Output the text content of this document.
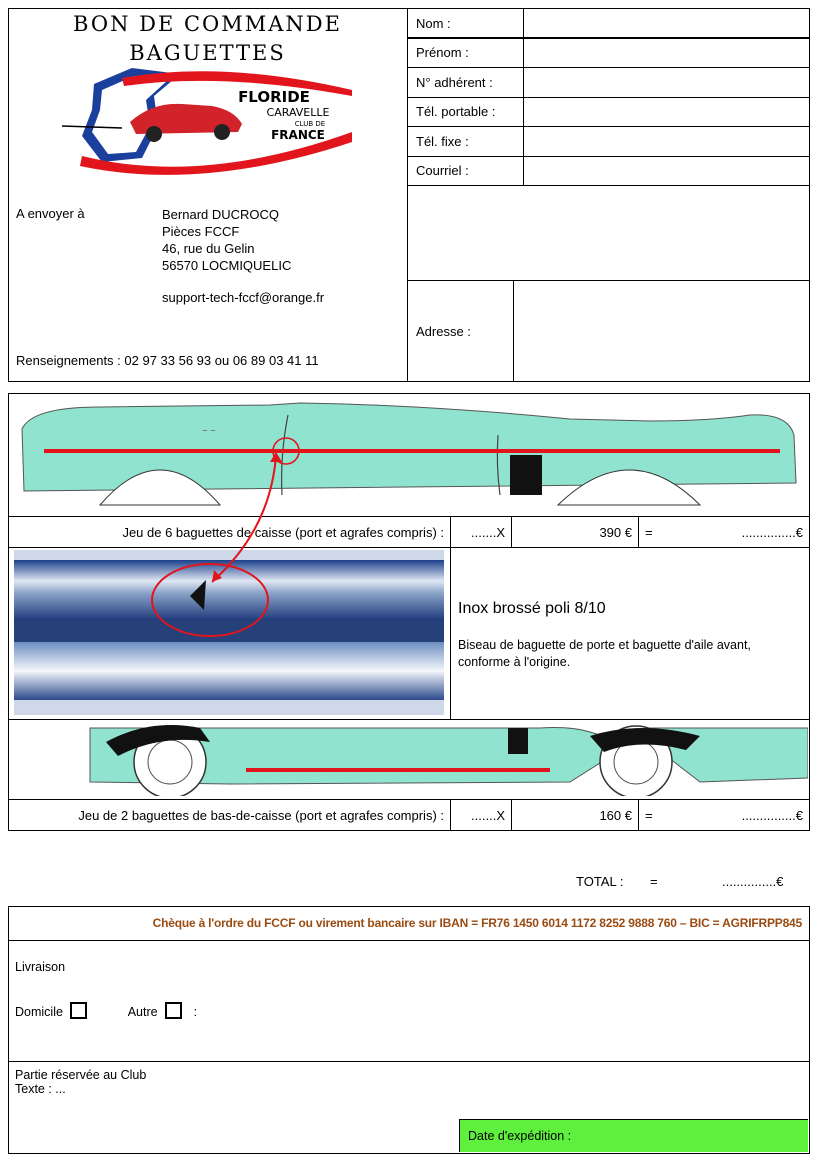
BON DE COMMANDE
BAGUETTES
FLORIDE
CARAVELLE
CLUB DE
FRANCE
A envoyer à	Bernard DUCROCQ
Pièces FCCF
46, rue du Gelin
56570 LOCMIQUELIC
support-tech-fccf@orange.fr
Renseignements : 02 97 33 56 93 ou 06 89 03 41 11
Nom :
Prénom :
N° adhérent :
Tél. portable :
Tél. fixe :
Courriel :
Adresse :
~ ~
Jeu de 6 baguettes de caisse (port et agrafes compris) :	.......X	390 €	=	...............€
Inox brossé poli 8/10
Biseau de baguette de porte et baguette d'aile avant, conforme à l'origine.
Jeu de 2 baguettes de bas-de-caisse (port et agrafes compris) :	.......X	160 €	=	...............€
TOTAL : =	...............€
Chèque à l'ordre du FCCF ou virement bancaire sur IBAN = FR76 1450 6014 1172 8252 9888 760 – BIC = AGRIFRPP845
Livraison
Domicile	Autre	:
Partie réservée au Club
Texte : ...
Date d'expédition :
